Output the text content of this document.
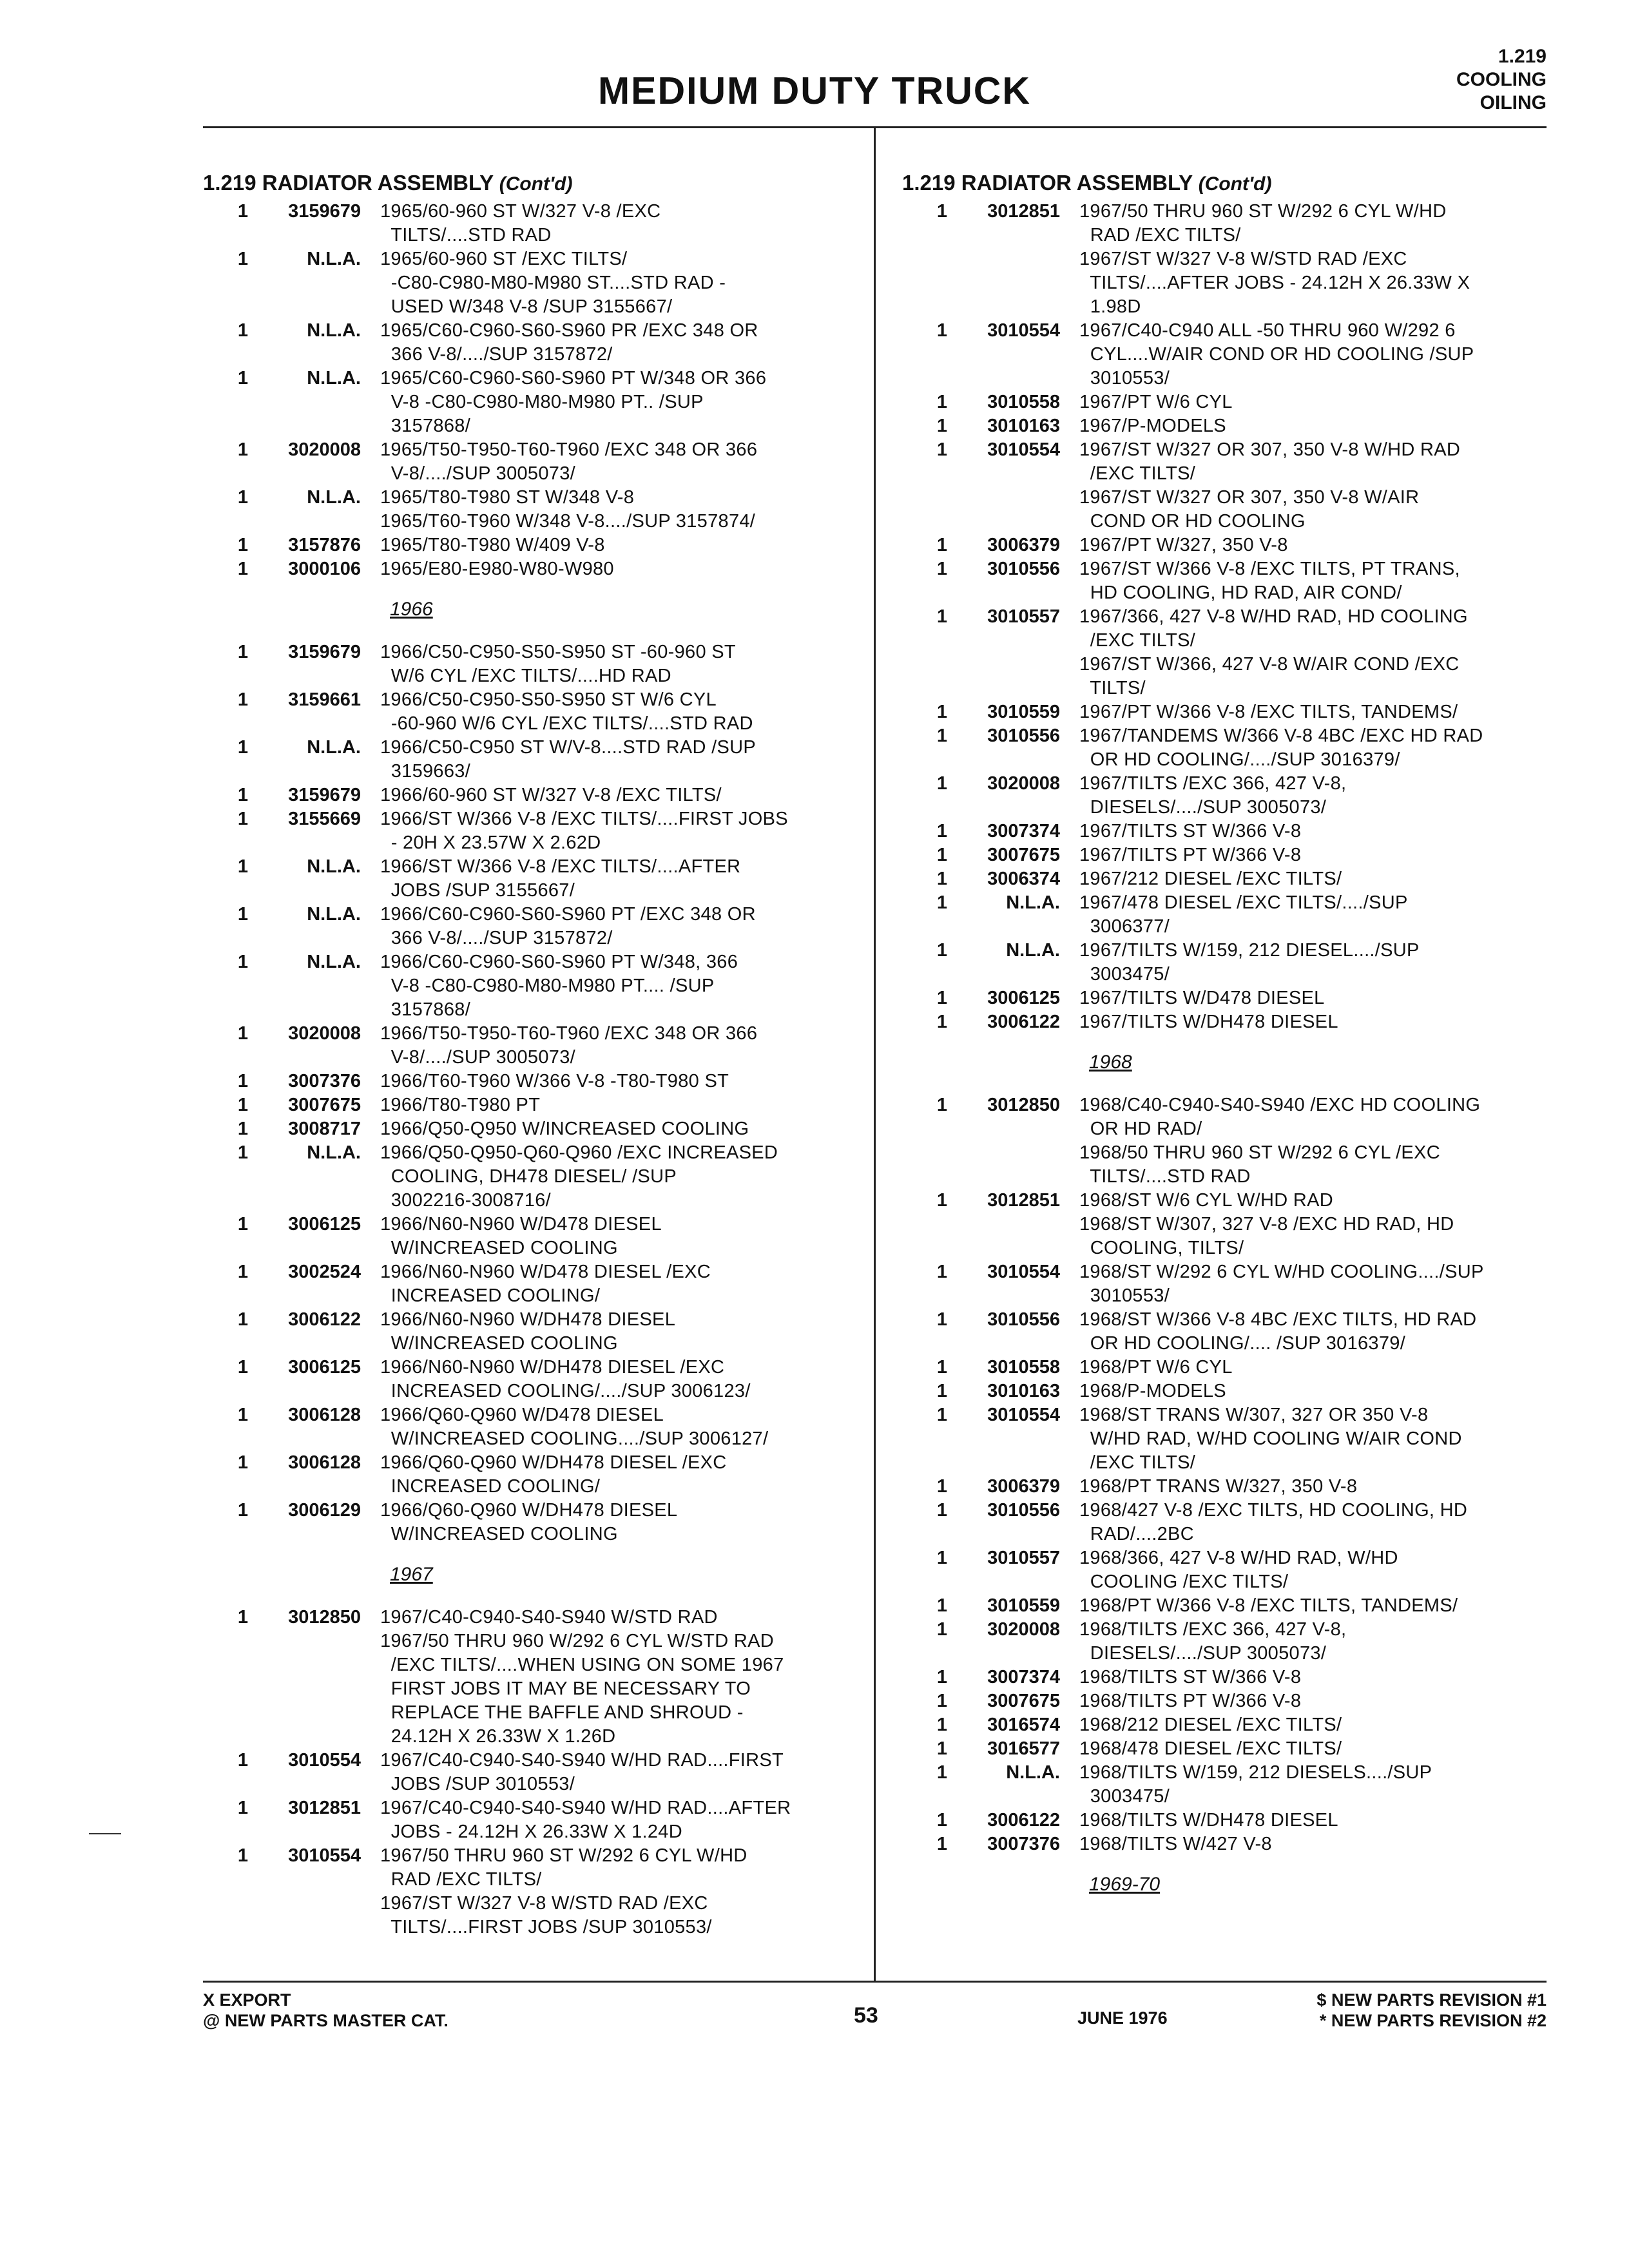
1.219
COOLING
OILING
MEDIUM DUTY TRUCK
1.219 RADIATOR ASSEMBLY (Cont'd)
1	3159679	1965/60-960 ST W/327 V-8 /EXC
TILTS/....STD RAD
1	N.L.A.	1965/60-960 ST /EXC TILTS/
-C80-C980-M80-M980 ST....STD RAD -
USED W/348 V-8 /SUP 3155667/
1	N.L.A.	1965/C60-C960-S60-S960 PR /EXC 348 OR
366 V-8/..../SUP 3157872/
1	N.L.A.	1965/C60-C960-S60-S960 PT W/348 OR 366
V-8 -C80-C980-M80-M980 PT.. /SUP
3157868/
1	3020008	1965/T50-T950-T60-T960 /EXC 348 OR 366
V-8/..../SUP 3005073/
1	N.L.A.	1965/T80-T980 ST W/348 V-8
1965/T60-T960 W/348 V-8..../SUP 3157874/
1	3157876	1965/T80-T980 W/409 V-8
1	3000106	1965/E80-E980-W80-W980
1966
1	3159679	1966/C50-C950-S50-S950 ST -60-960 ST
W/6 CYL /EXC TILTS/....HD RAD
1	3159661	1966/C50-C950-S50-S950 ST W/6 CYL
-60-960 W/6 CYL /EXC TILTS/....STD RAD
1	N.L.A.	1966/C50-C950 ST W/V-8....STD RAD /SUP
3159663/
1	3159679	1966/60-960 ST W/327 V-8 /EXC TILTS/
1	3155669	1966/ST W/366 V-8 /EXC TILTS/....FIRST JOBS
- 20H X 23.57W X 2.62D
1	N.L.A.	1966/ST W/366 V-8 /EXC TILTS/....AFTER
JOBS /SUP 3155667/
1	N.L.A.	1966/C60-C960-S60-S960 PT /EXC 348 OR
366 V-8/..../SUP 3157872/
1	N.L.A.	1966/C60-C960-S60-S960 PT W/348, 366
V-8 -C80-C980-M80-M980 PT.... /SUP
3157868/
1	3020008	1966/T50-T950-T60-T960 /EXC 348 OR 366
V-8/..../SUP 3005073/
1	3007376	1966/T60-T960 W/366 V-8 -T80-T980 ST
1	3007675	1966/T80-T980 PT
1	3008717	1966/Q50-Q950 W/INCREASED COOLING
1	N.L.A.	1966/Q50-Q950-Q60-Q960 /EXC INCREASED
COOLING, DH478 DIESEL/ /SUP
3002216-3008716/
1	3006125	1966/N60-N960 W/D478 DIESEL
W/INCREASED COOLING
1	3002524	1966/N60-N960 W/D478 DIESEL /EXC
INCREASED COOLING/
1	3006122	1966/N60-N960 W/DH478 DIESEL
W/INCREASED COOLING
1	3006125	1966/N60-N960 W/DH478 DIESEL /EXC
INCREASED COOLING/..../SUP 3006123/
1	3006128	1966/Q60-Q960 W/D478 DIESEL
W/INCREASED COOLING..../SUP 3006127/
1	3006128	1966/Q60-Q960 W/DH478 DIESEL /EXC
INCREASED COOLING/
1	3006129	1966/Q60-Q960 W/DH478 DIESEL
W/INCREASED COOLING
1967
1	3012850	1967/C40-C940-S40-S940 W/STD RAD
1967/50 THRU 960 W/292 6 CYL W/STD RAD
/EXC TILTS/....WHEN USING ON SOME 1967
FIRST JOBS IT MAY BE NECESSARY TO
REPLACE THE BAFFLE AND SHROUD -
24.12H X 26.33W X 1.26D
1	3010554	1967/C40-C940-S40-S940 W/HD RAD....FIRST
JOBS /SUP 3010553/
1	3012851	1967/C40-C940-S40-S940 W/HD RAD....AFTER
JOBS - 24.12H X 26.33W X 1.24D
1	3010554	1967/50 THRU 960 ST W/292 6 CYL W/HD
RAD /EXC TILTS/
1967/ST W/327 V-8 W/STD RAD /EXC
TILTS/....FIRST JOBS /SUP 3010553/
1.219 RADIATOR ASSEMBLY (Cont'd)
1	3012851	1967/50 THRU 960 ST W/292 6 CYL W/HD
RAD /EXC TILTS/
1967/ST W/327 V-8 W/STD RAD /EXC
TILTS/....AFTER JOBS - 24.12H X 26.33W X
1.98D
1	3010554	1967/C40-C940 ALL -50 THRU 960 W/292 6
CYL....W/AIR COND OR HD COOLING /SUP
3010553/
1	3010558	1967/PT W/6 CYL
1	3010163	1967/P-MODELS
1	3010554	1967/ST W/327 OR 307, 350 V-8 W/HD RAD
/EXC TILTS/
1967/ST W/327 OR 307, 350 V-8 W/AIR
COND OR HD COOLING
1	3006379	1967/PT W/327, 350 V-8
1	3010556	1967/ST W/366 V-8 /EXC TILTS, PT TRANS,
HD COOLING, HD RAD, AIR COND/
1	3010557	1967/366, 427 V-8 W/HD RAD, HD COOLING
/EXC TILTS/
1967/ST W/366, 427 V-8 W/AIR COND /EXC
TILTS/
1	3010559	1967/PT W/366 V-8 /EXC TILTS, TANDEMS/
1	3010556	1967/TANDEMS W/366 V-8 4BC /EXC HD RAD
OR HD COOLING/..../SUP 3016379/
1	3020008	1967/TILTS /EXC 366, 427 V-8,
DIESELS/..../SUP 3005073/
1	3007374	1967/TILTS ST W/366 V-8
1	3007675	1967/TILTS PT W/366 V-8
1	3006374	1967/212 DIESEL /EXC TILTS/
1	N.L.A.	1967/478 DIESEL /EXC TILTS/..../SUP
3006377/
1	N.L.A.	1967/TILTS W/159, 212 DIESEL..../SUP
3003475/
1	3006125	1967/TILTS W/D478 DIESEL
1	3006122	1967/TILTS W/DH478 DIESEL
1968
1	3012850	1968/C40-C940-S40-S940 /EXC HD COOLING
OR HD RAD/
1968/50 THRU 960 ST W/292 6 CYL /EXC
TILTS/....STD RAD
1	3012851	1968/ST W/6 CYL W/HD RAD
1968/ST W/307, 327 V-8 /EXC HD RAD, HD
COOLING, TILTS/
1	3010554	1968/ST W/292 6 CYL W/HD COOLING..../SUP
3010553/
1	3010556	1968/ST W/366 V-8 4BC /EXC TILTS, HD RAD
OR HD COOLING/.... /SUP 3016379/
1	3010558	1968/PT W/6 CYL
1	3010163	1968/P-MODELS
1	3010554	1968/ST TRANS W/307, 327 OR 350 V-8
W/HD RAD, W/HD COOLING W/AIR COND
/EXC TILTS/
1	3006379	1968/PT TRANS W/327, 350 V-8
1	3010556	1968/427 V-8 /EXC TILTS, HD COOLING, HD
RAD/....2BC
1	3010557	1968/366, 427 V-8 W/HD RAD, W/HD
COOLING /EXC TILTS/
1	3010559	1968/PT W/366 V-8 /EXC TILTS, TANDEMS/
1	3020008	1968/TILTS /EXC 366, 427 V-8,
DIESELS/..../SUP 3005073/
1	3007374	1968/TILTS ST W/366 V-8
1	3007675	1968/TILTS PT W/366 V-8
1	3016574	1968/212 DIESEL /EXC TILTS/
1	3016577	1968/478 DIESEL /EXC TILTS/
1	N.L.A.	1968/TILTS W/159, 212 DIESELS..../SUP
3003475/
1	3006122	1968/TILTS W/DH478 DIESEL
1	3007376	1968/TILTS W/427 V-8
1969-70
X EXPORT
@ NEW PARTS MASTER CAT.	53	JUNE 1976
$ NEW PARTS REVISION #1
* NEW PARTS REVISION #2
